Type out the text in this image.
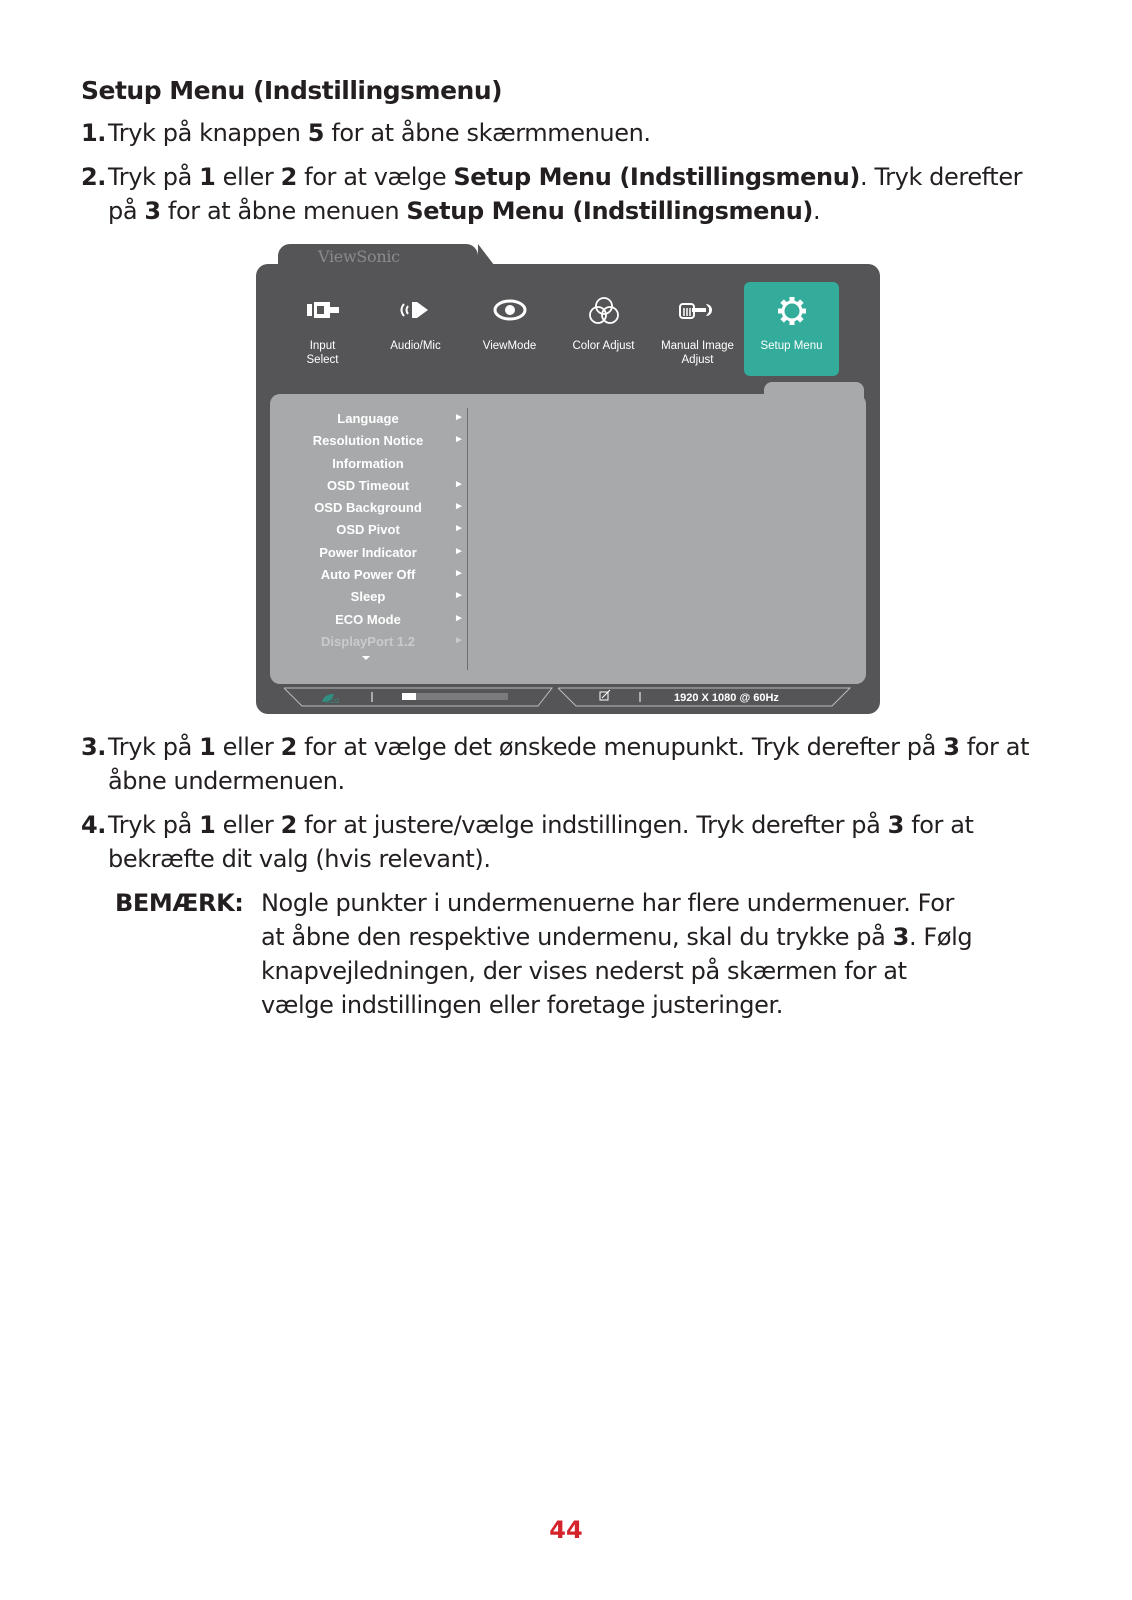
Setup Menu (Indstillingsmenu)
1. Tryk på knappen 5 for at åbne skærmmenuen.
2. Tryk på 1 eller 2 for at vælge Setup Menu (Indstillingsmenu). Tryk derefter på 3 for at åbne menuen Setup Menu (Indstillingsmenu).
ViewSonic
Input
Select
Audio/Mic	ViewMode	Color Adjust	Manual Image
Adjust
Setup Menu

Language	►
Resolution Notice	►
Information
OSD Timeout	►
OSD Background	►
OSD Pivot	►
Power Indicator	►
Auto Power Off	►
Sleep	►
ECO Mode	►
DisplayPort 1.2	►
ECO	1920 X 1080 @ 60Hz
3. Tryk på 1 eller 2 for at vælge det ønskede menupunkt. Tryk derefter på 3 for at åbne undermenuen.
4. Tryk på 1 eller 2 for at justere/vælge indstillingen. Tryk derefter på 3 for at bekræfte dit valg (hvis relevant).
BEMÆRK: Nogle punkter i undermenuerne har flere undermenuer. For at åbne den respektive undermenu, skal du trykke på 3. Følg knapvejledningen, der vises nederst på skærmen for at vælge indstillingen eller foretage justeringer.
44
